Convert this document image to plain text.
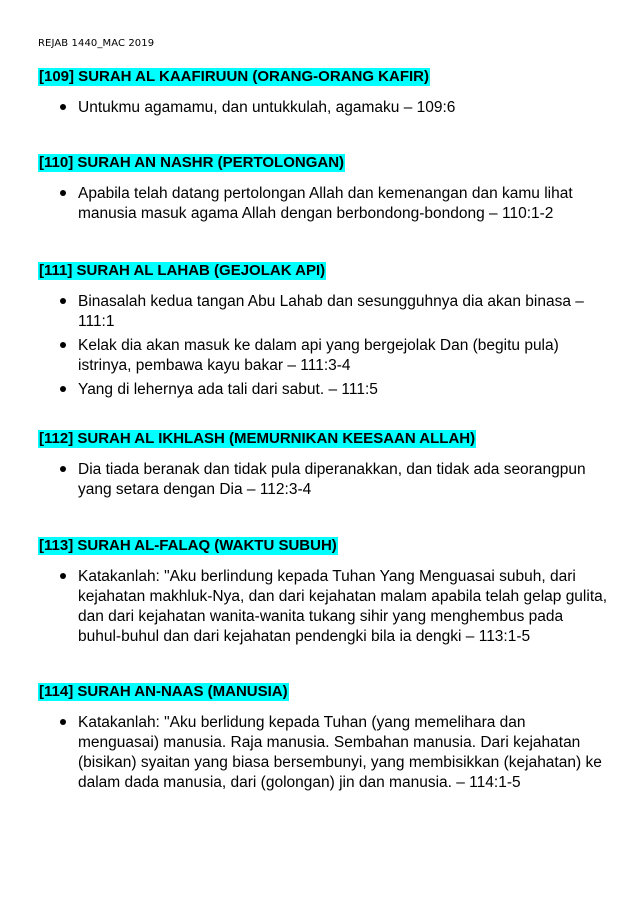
REJAB 1440_MAC 2019
[109] SURAH AL KAAFIRUUN (ORANG-ORANG KAFIR)
Untukmu agamamu, dan untukkulah, agamaku – 109:6
[110] SURAH AN NASHR (PERTOLONGAN)
Apabila telah datang pertolongan Allah dan kemenangan dan kamu lihat manusia masuk agama Allah dengan berbondong-bondong – 110:1-2
[111] SURAH AL LAHAB (GEJOLAK API)
Binasalah kedua tangan Abu Lahab dan sesungguhnya dia akan binasa – 111:1
Kelak dia akan masuk ke dalam api yang bergejolak Dan (begitu pula) istrinya, pembawa kayu bakar – 111:3-4
Yang di lehernya ada tali dari sabut. – 111:5
[112] SURAH AL IKHLASH (MEMURNIKAN KEESAAN ALLAH)
Dia tiada beranak dan tidak pula diperanakkan, dan tidak ada seorangpun yang setara dengan Dia – 112:3-4
[113] SURAH AL-FALAQ (WAKTU SUBUH)
Katakanlah: "Aku berlindung kepada Tuhan Yang Menguasai subuh, dari kejahatan makhluk-Nya, dan dari kejahatan malam apabila telah gelap gulita, dan dari kejahatan wanita-wanita tukang sihir yang menghembus pada buhul-buhul dan dari kejahatan pendengki bila ia dengki – 113:1-5
[114] SURAH AN-NAAS (MANUSIA)
Katakanlah: "Aku berlidung kepada Tuhan (yang memelihara dan menguasai) manusia. Raja manusia. Sembahan manusia. Dari kejahatan (bisikan) syaitan yang biasa bersembunyi, yang membisikkan (kejahatan) ke dalam dada manusia, dari (golongan) jin dan manusia. – 114:1-5
